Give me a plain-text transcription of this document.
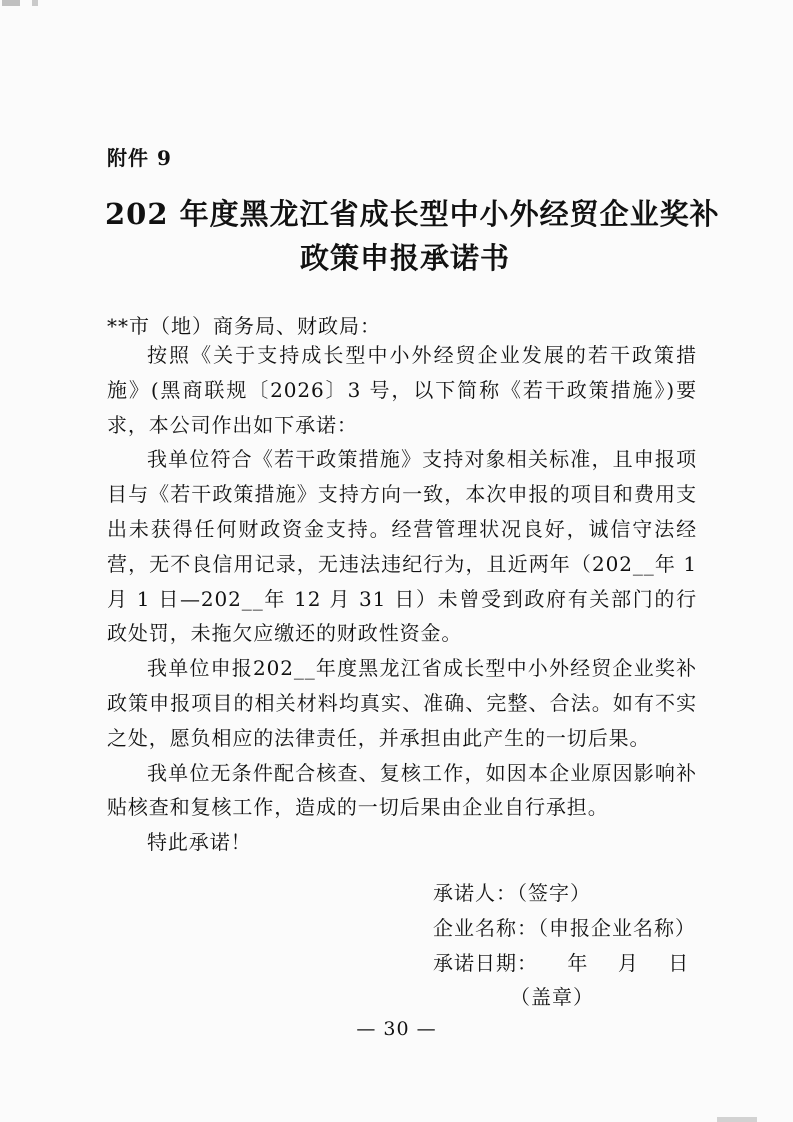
附件 9
202 年度黑龙江省成长型中小外经贸企业奖补
政策申报承诺书
**市（地）商务局、财政局：

按照《关于支持成长型中小外经贸企业发展的若干政策措施》(黑商联规〔2026〕3 号，以下简称《若干政策措施》)要求，本公司作出如下承诺：

我单位符合《若干政策措施》支持对象相关标准，且申报项目与《若干政策措施》支持方向一致，本次申报的项目和费用支出未获得任何财政资金支持。经营管理状况良好，诚信守法经营，无不良信用记录，无违法违纪行为，且近两年（202__年 1 月 1 日—202__年 12 月 31 日）未曾受到政府有关部门的行政处罚，未拖欠应缴还的财政性资金。

我单位申报202__年度黑龙江省成长型中小外经贸企业奖补政策申报项目的相关材料均真实、准确、完整、合法。如有不实之处，愿负相应的法律责任，并承担由此产生的一切后果。

我单位无条件配合核查、复核工作，如因本企业原因影响补贴核查和复核工作，造成的一切后果由企业自行承担。

特此承诺！

承诺人：（签字）
企业名称：（申报企业名称）
承诺日期：    年    月    日
（盖章）
— 30 —
